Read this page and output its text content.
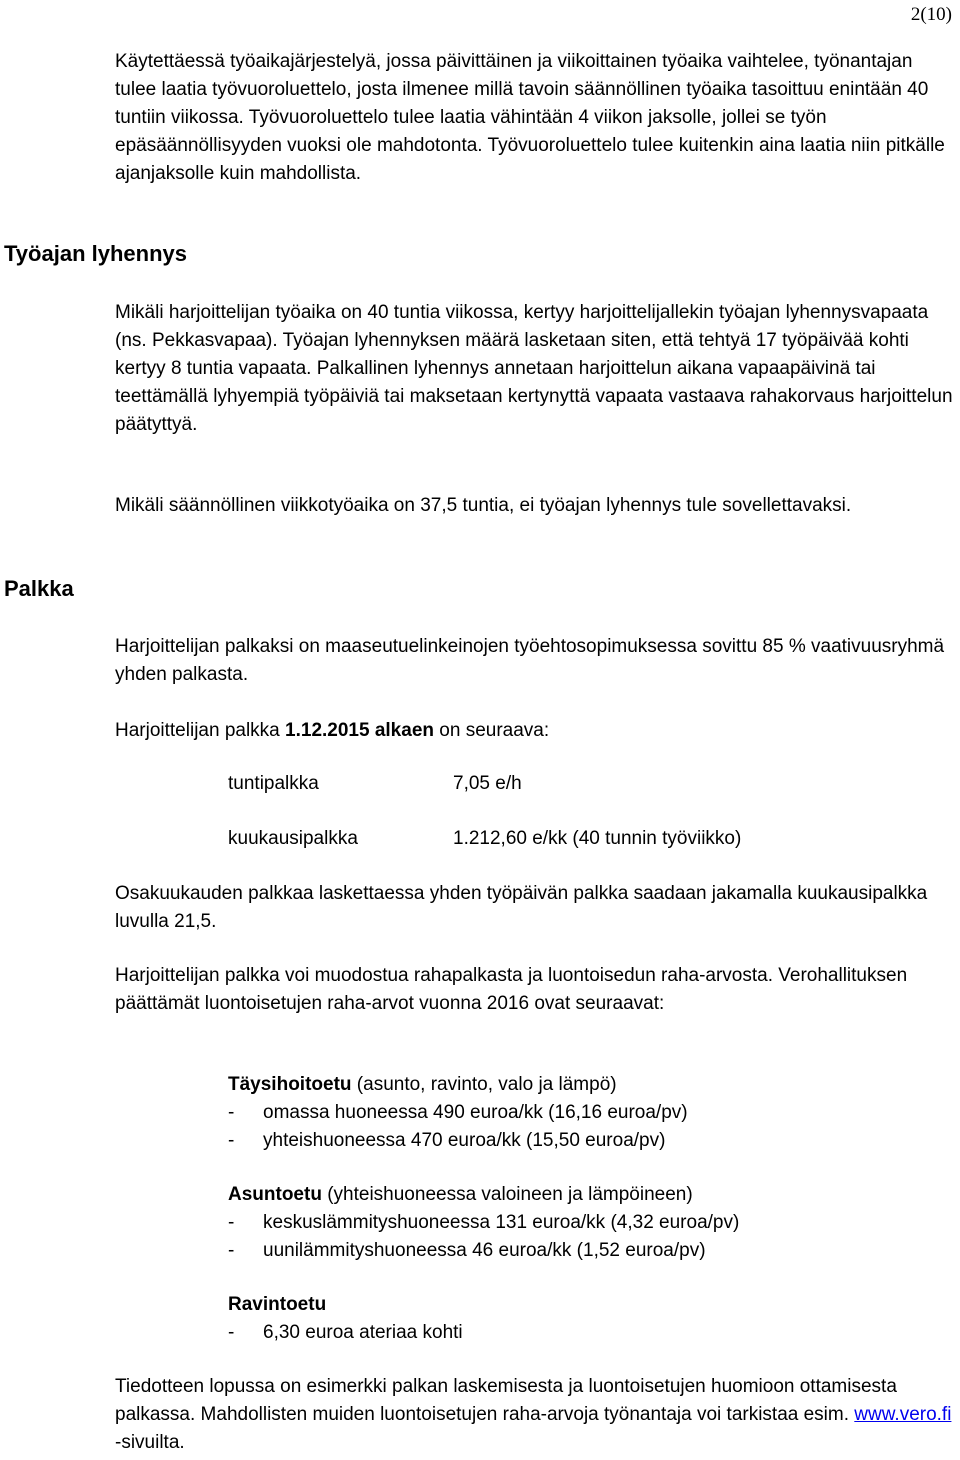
2(10)

Käytettäessä työaikajärjestelyä, jossa päivittäinen ja viikoittainen työaika vaihtelee, työnantajan tulee laatia työvuoroluettelo, josta ilmenee millä tavoin säännöllinen työaika tasoittuu enintään 40 tuntiin viikossa. Työvuoroluettelo tulee laatia vähintään 4 viikon jaksolle, jollei se työn epäsäännöllisyyden vuoksi ole mahdotonta. Työvuoroluettelo tulee kuitenkin aina laatia niin pitkälle ajanjaksolle kuin mahdollista.

Työajan lyhennys

Mikäli harjoittelijan työaika on 40 tuntia viikossa, kertyy harjoittelijallekin työajan lyhennysvapaata (ns. Pekkasvapaa). Työajan lyhennyksen määrä lasketaan siten, että tehtyä 17 työpäivää kohti kertyy 8 tuntia vapaata. Palkallinen lyhennys annetaan harjoittelun aikana vapaapäivinä tai teettämällä lyhyempiä työpäiviä tai maksetaan kertynyttä vapaata vastaava rahakorvaus harjoittelun päätyttyä.

Mikäli säännöllinen viikkotyöaika on 37,5 tuntia, ei työajan lyhennys tule sovellettavaksi.

Palkka

Harjoittelijan palkaksi on maaseutuelinkeinojen työehtosopimuksessa sovittu 85 % vaativuusryhmä yhden palkasta.

Harjoittelijan palkka 1.12.2015 alkaen on seuraava:

tuntipalkka	7,05 e/h
kuukausipalkka	1.212,60 e/kk (40 tunnin työviikko)

Osakuukauden palkkaa laskettaessa yhden työpäivän palkka saadaan jakamalla kuukausipalkka luvulla 21,5.

Harjoittelijan palkka voi muodostua rahapalkasta ja luontoisedun raha-arvosta. Verohallituksen päättämät luontoisetujen raha-arvot vuonna 2016 ovat seuraavat:

Täysihoitoetu (asunto, ravinto, valo ja lämpö)
- omassa huoneessa 490 euroa/kk (16,16 euroa/pv)
- yhteishuoneessa 470 euroa/kk (15,50 euroa/pv)
Asuntoetu (yhteishuoneessa valoineen ja lämpöineen)
- keskuslämmityshuoneessa 131 euroa/kk (4,32 euroa/pv)
- uunilämmityshuoneessa 46 euroa/kk (1,52 euroa/pv)
Ravintoetu
- 6,30 euroa ateriaa kohti

Tiedotteen lopussa on esimerkki palkan laskemisesta ja luontoisetujen huomioon ottamisesta palkassa. Mahdollisten muiden luontoisetujen raha-arvoja työnantaja voi tarkistaa esim. www.vero.fi -sivuilta.
